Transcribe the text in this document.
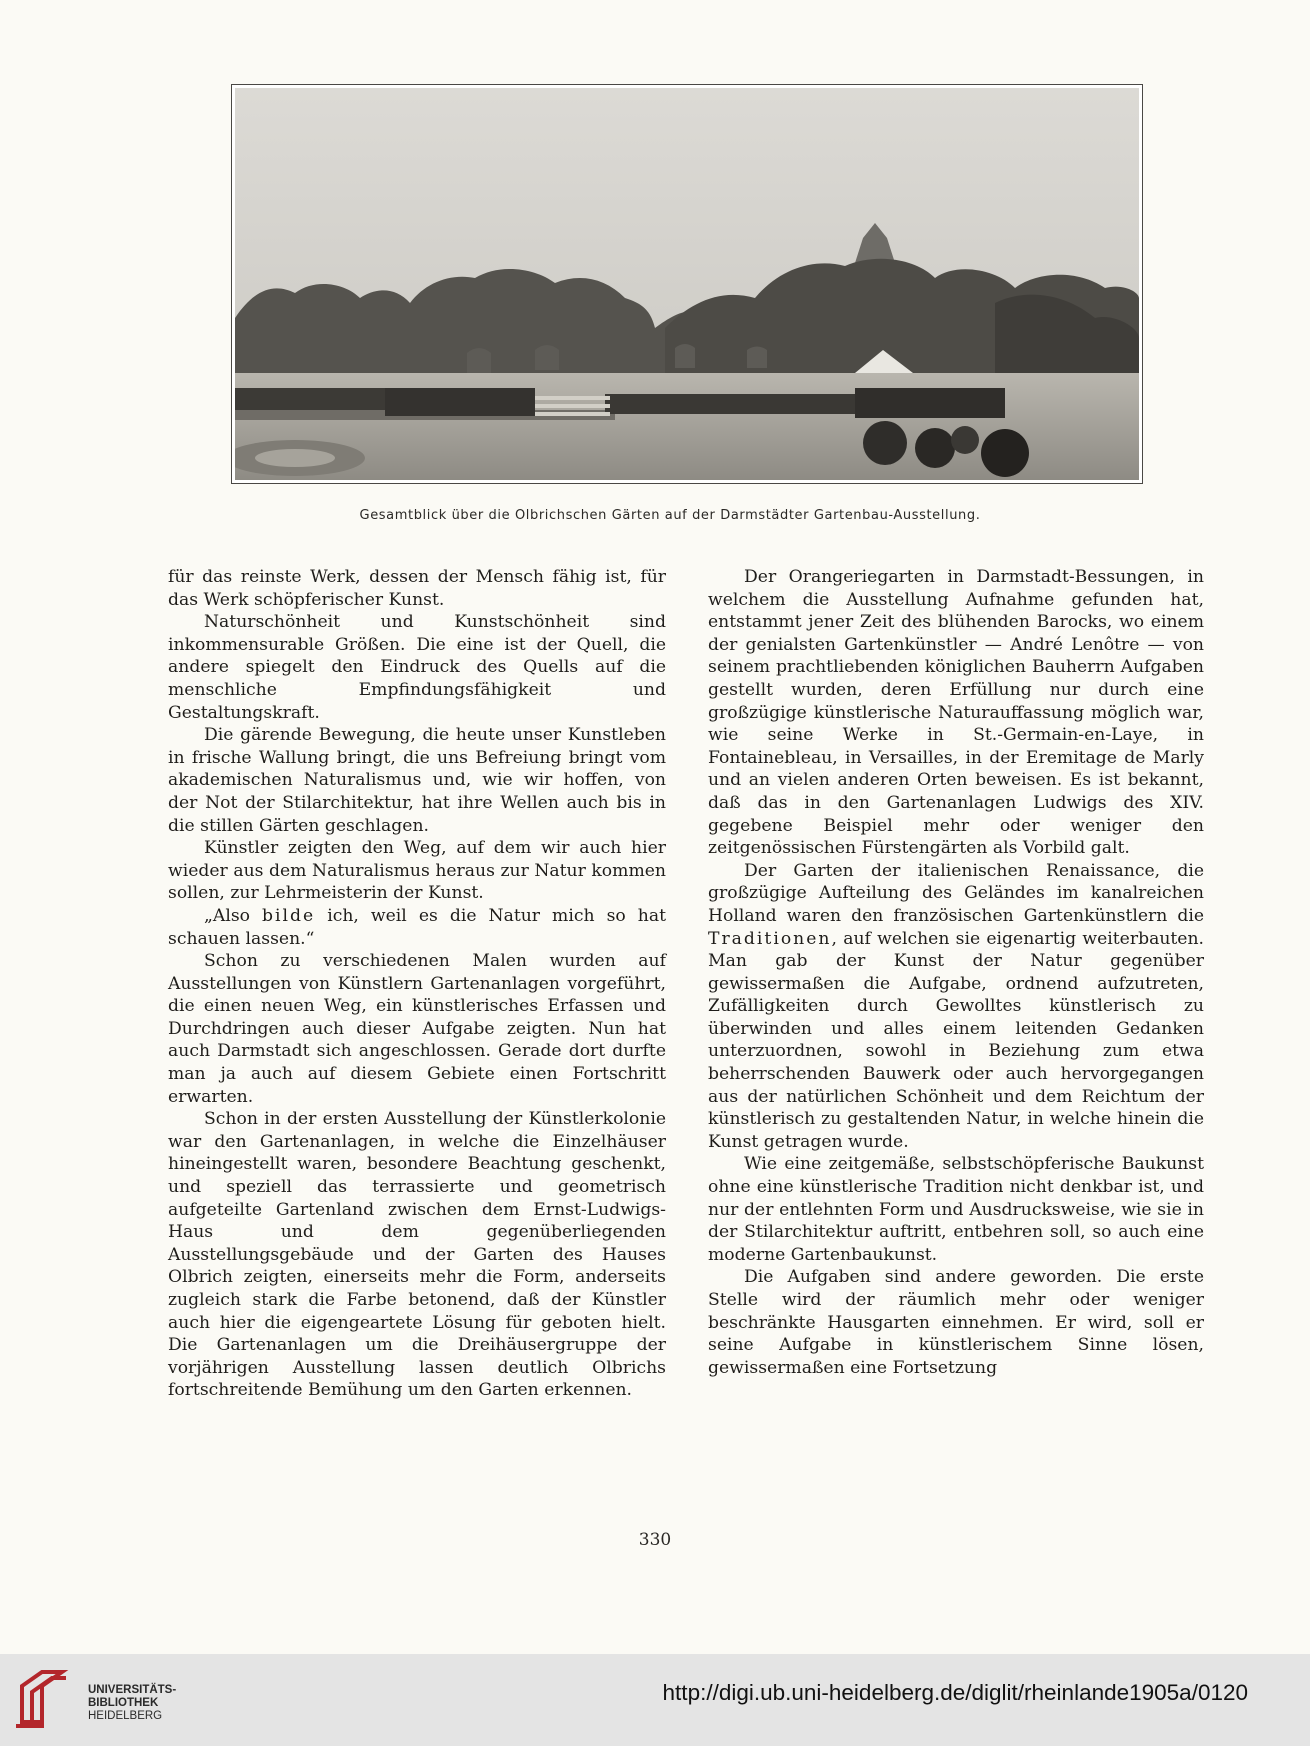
Gesamtblick über die Olbrichschen Gärten auf der Darmstädter Gartenbau-Ausstellung.

für das reinste Werk, dessen der Mensch fähig ist, für das Werk schöpferischer Kunst.

Naturschönheit und Kunstschönheit sind inkommensurable Größen. Die eine ist der Quell, die andere spiegelt den Eindruck des Quells auf die menschliche Empfindungsfähigkeit und Gestaltungskraft.

Die gärende Bewegung, die heute unser Kunstleben in frische Wallung bringt, die uns Befreiung bringt vom akademischen Naturalismus und, wie wir hoffen, von der Not der Stilarchitektur, hat ihre Wellen auch bis in die stillen Gärten geschlagen.

Künstler zeigten den Weg, auf dem wir auch hier wieder aus dem Naturalismus heraus zur Natur kommen sollen, zur Lehrmeisterin der Kunst.

„Also bilde ich, weil es die Natur mich so hat schauen lassen.“

Schon zu verschiedenen Malen wurden auf Ausstellungen von Künstlern Gartenanlagen vorgeführt, die einen neuen Weg, ein künstlerisches Erfassen und Durchdringen auch dieser Aufgabe zeigten. Nun hat auch Darmstadt sich angeschlossen. Gerade dort durfte man ja auch auf diesem Gebiete einen Fortschritt erwarten.

Schon in der ersten Ausstellung der Künstlerkolonie war den Gartenanlagen, in welche die Einzelhäuser hineingestellt waren, besondere Beachtung geschenkt, und speziell das terrassierte und geometrisch aufgeteilte Gartenland zwischen dem Ernst-Ludwigs-Haus und dem gegenüberliegenden Ausstellungsgebäude und der Garten des Hauses Olbrich zeigten, einerseits mehr die Form, anderseits zugleich stark die Farbe betonend, daß der Künstler auch hier die eigengeartete Lösung für geboten hielt. Die Gartenanlagen um die Dreihäusergruppe der vorjährigen Ausstellung lassen deutlich Olbrichs fortschreitende Bemühung um den Garten erkennen.

Der Orangeriegarten in Darmstadt-Bessungen, in welchem die Ausstellung Aufnahme gefunden hat, entstammt jener Zeit des blühenden Barocks, wo einem der genialsten Gartenkünstler — André Lenôtre — von seinem prachtliebenden königlichen Bauherrn Aufgaben gestellt wurden, deren Erfüllung nur durch eine großzügige künstlerische Naturauffassung möglich war, wie seine Werke in St.-Germain-en-Laye, in Fontainebleau, in Versailles, in der Eremitage de Marly und an vielen anderen Orten beweisen. Es ist bekannt, daß das in den Gartenanlagen Ludwigs des XIV. gegebene Beispiel mehr oder weniger den zeitgenössischen Fürstengärten als Vorbild galt.

Der Garten der italienischen Renaissance, die großzügige Aufteilung des Geländes im kanalreichen Holland waren den französischen Gartenkünstlern die Traditionen, auf welchen sie eigenartig weiterbauten. Man gab der Kunst der Natur gegenüber gewissermaßen die Aufgabe, ordnend aufzutreten, Zufälligkeiten durch Gewolltes künstlerisch zu überwinden und alles einem leitenden Gedanken unterzuordnen, sowohl in Beziehung zum etwa beherrschenden Bauwerk oder auch hervorgegangen aus der natürlichen Schönheit und dem Reichtum der künstlerisch zu gestaltenden Natur, in welche hinein die Kunst getragen wurde.

Wie eine zeitgemäße, selbstschöpferische Baukunst ohne eine künstlerische Tradition nicht denkbar ist, und nur der entlehnten Form und Ausdrucksweise, wie sie in der Stilarchitektur auftritt, entbehren soll, so auch eine moderne Gartenbaukunst.

Die Aufgaben sind andere geworden. Die erste Stelle wird der räumlich mehr oder weniger beschränkte Hausgarten einnehmen. Er wird, soll er seine Aufgabe in künstlerischem Sinne lösen, gewissermaßen eine Fortsetzung

330
UNIVERSITÄTS-
BIBLIOTHEK
HEIDELBERG
http://digi.ub.uni-heidelberg.de/diglit/rheinlande1905a/0120
